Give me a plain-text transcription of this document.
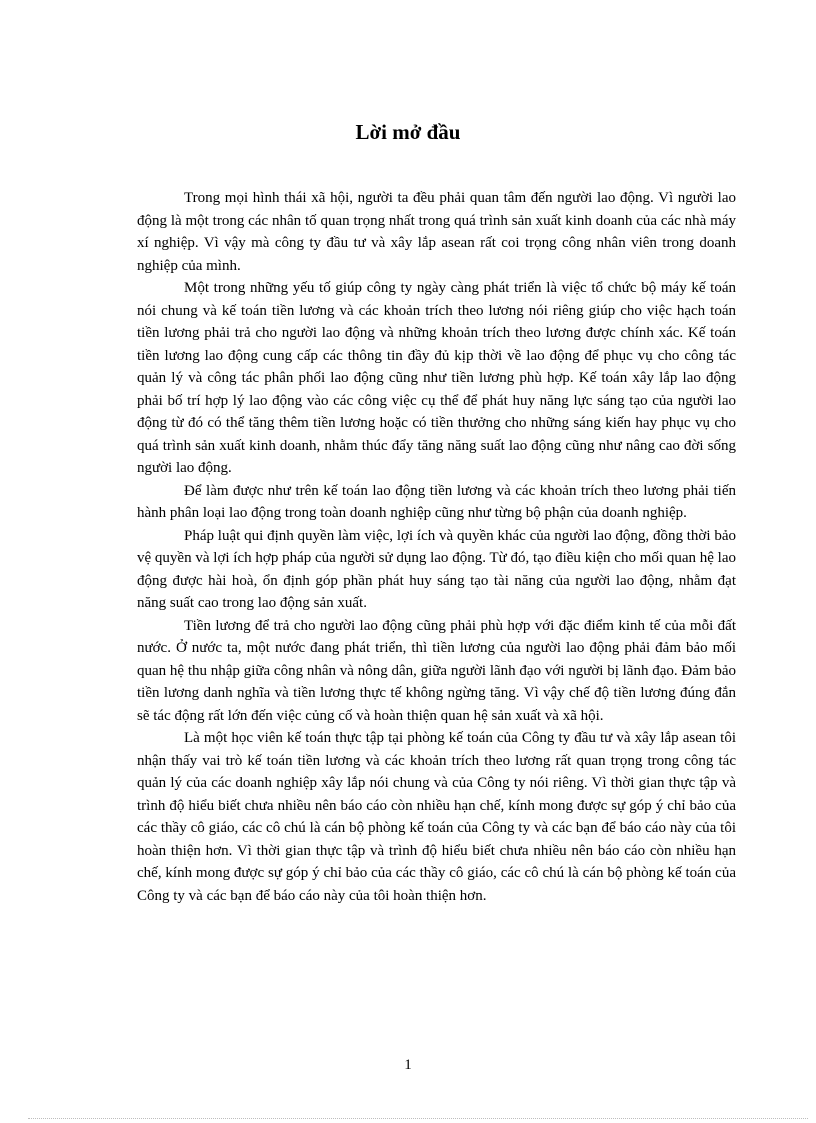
Lời mở đầu

Trong mọi hình thái xã hội, người ta đều phải quan tâm đến người lao động. Vì người lao động là một trong các nhân tố quan trọng nhất trong quá trình sản xuất kinh doanh của các nhà máy xí nghiệp. Vì vậy mà công ty đầu tư và xây lắp asean rất coi trọng công nhân viên trong doanh nghiệp của mình.

Một trong những yếu tố giúp công ty ngày càng phát triển là việc tổ chức bộ máy kế toán nói chung và kế toán tiền lương và các khoản trích theo lương nói riêng giúp cho việc hạch toán tiền lương phải trả cho người lao động và những khoản trích theo lương được chính xác. Kế toán tiền lương lao động cung cấp các thông tin đầy đủ kịp thời về lao động để phục vụ cho công tác quản lý và công tác phân phối lao động cũng như tiền lương phù hợp. Kế toán xây lắp lao động phải bố trí hợp lý lao động vào các công việc cụ thể để phát huy năng lực sáng tạo của người lao động từ đó có thể tăng thêm tiền lương hoặc có tiền thưởng cho những sáng kiến hay phục vụ cho quá trình sản xuất kinh doanh, nhằm thúc đẩy tăng năng suất lao động cũng như nâng cao đời sống người lao động.

Để làm được như trên kế toán lao động tiền lương và các khoản trích theo lương phải tiến hành phân loại lao động trong toàn doanh nghiệp cũng như từng bộ phận của doanh nghiệp.

Pháp luật qui định quyền làm việc, lợi ích và quyền khác của người lao động, đồng thời bảo vệ quyền và lợi ích hợp pháp của người sử dụng lao động. Từ đó, tạo điều kiện cho mối quan hệ lao động được hài hoà, ổn định góp phần phát huy sáng tạo tài năng của người lao động, nhằm đạt năng suất cao trong lao động sản xuất.

Tiền lương để trả cho người lao động cũng phải phù hợp với đặc điểm kinh tế của mỗi đất nước. Ở nước ta, một nước đang phát triển, thì tiền lương của người lao động phải đảm bảo mối quan hệ thu nhập giữa công nhân và nông dân, giữa người lãnh đạo với người bị lãnh đạo. Đảm bảo tiền lương danh nghĩa và tiền lương thực tế không ngừng tăng. Vì vậy chế độ tiền lương đúng đắn sẽ tác động rất lớn đến việc củng cố và hoàn thiện quan hệ sản xuất và xã hội.

Là một học viên kế toán thực tập tại phòng kế toán của Công ty đầu tư và xây lắp asean tôi nhận thấy vai trò kế toán tiền lương và các khoản trích theo lương rất quan trọng trong công tác quản lý của các doanh nghiệp xây lắp nói chung và của Công ty nói riêng. Vì thời gian thực tập và trình độ hiểu biết chưa nhiều nên báo cáo còn nhiều hạn chế, kính mong được sự góp ý chỉ bảo của các thầy cô giáo, các cô chú là cán bộ phòng kế toán của Công ty và các bạn để báo cáo này của tôi hoàn thiện hơn. Vì thời gian thực tập và trình độ hiểu biết chưa nhiều nên báo cáo còn nhiều hạn chế, kính mong được sự góp ý chỉ bảo của các thầy cô giáo, các cô chú là cán bộ phòng kế toán của Công ty và các bạn để báo cáo này của tôi hoàn thiện hơn.

1
